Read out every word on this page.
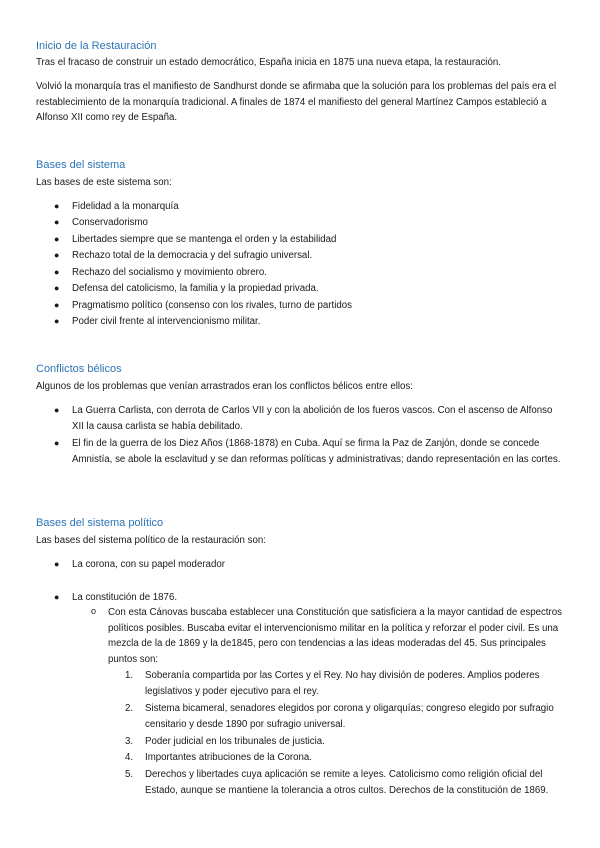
Inicio de la Restauración
Tras el fracaso de construir un estado democrático, España inicia en 1875 una nueva etapa, la restauración.
Volvió la monarquía tras el manifiesto de Sandhurst donde se afirmaba que la solución para los problemas del país era el restablecimiento de la monarquía tradicional. A finales de 1874 el manifiesto del general Martínez Campos estableció a Alfonso XII como rey de España.
Bases del sistema
Las bases de este sistema son:
● Fidelidad a la monarquía
● Conservadorismo
● Libertades siempre que se mantenga el orden y la estabilidad
● Rechazo total de la democracia y del sufragio universal.
● Rechazo del socialismo y movimiento obrero.
● Defensa del catolicismo, la familia y la propiedad privada.
● Pragmatismo político (consenso con los rivales, turno de partidos
● Poder civil frente al intervencionismo militar.
Conflictos bélicos
Algunos de los problemas que venían arrastrados eran los conflictos bélicos entre ellos:
● La Guerra Carlista, con derrota de Carlos VII y con la abolición de los fueros vascos. Con el ascenso de Alfonso XII la causa carlista se había debilitado.
● El fin de la guerra de los Diez Años (1868-1878) en Cuba. Aquí se firma la Paz de Zanjón, donde se concede Amnistía, se abole la esclavitud y se dan reformas políticas y administrativas; dando representación en las cortes.
Bases del sistema político
Las bases del sistema político de la restauración son:
● La corona, con su papel moderador
● La constitución de 1876.
o Con esta Cánovas buscaba establecer una Constitución que satisficiera a la mayor cantidad de espectros políticos posibles. Buscaba evitar el intervencionismo militar en la política y reforzar el poder civil. Es una mezcla de la de 1869 y la de1845, pero con tendencias a las ideas moderadas del 45. Sus principales puntos son:
1. Soberanía compartida por las Cortes y el Rey. No hay división de poderes. Amplios poderes legislativos y poder ejecutivo para el rey.
2. Sistema bicameral, senadores elegidos por corona y oligarquías; congreso elegido por sufragio censitario y desde 1890 por sufragio universal.
3. Poder judicial en los tribunales de justicia.
4. Importantes atribuciones de la Corona.
5. Derechos y libertades cuya aplicación se remite a leyes. Catolicismo como religión oficial del Estado, aunque se mantiene la tolerancia a otros cultos. Derechos de la constitución de 1869.
